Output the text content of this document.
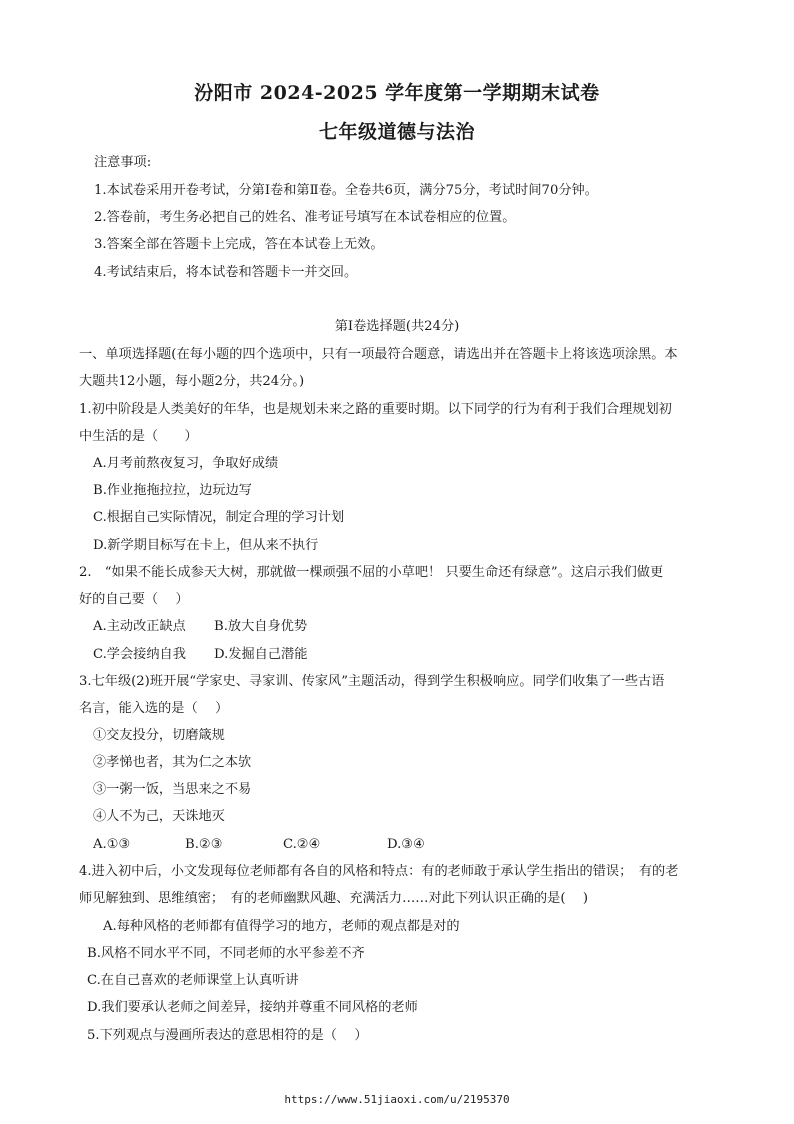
汾阳市 2024-2025 学年度第一学期期末试卷
七年级道德与法治
注意事项:
1.本试卷采用开卷考试，分第Ⅰ卷和第Ⅱ卷。全卷共6页，满分75分，考试时间70分钟。
2.答卷前，考生务必把自己的姓名、准考证号填写在本试卷相应的位置。
3.答案全部在答题卡上完成，答在本试卷上无效。
4.考试结束后，将本试卷和答题卡一并交回。
第Ⅰ卷选择题(共24分)
一、单项选择题(在每小题的四个选项中，只有一项最符合题意，请选出并在答题卡上将该选项涂黑。本
大题共12小题，每小题2分，共24分。)
1.初中阶段是人类美好的年华，也是规划未来之路的重要时期。以下同学的行为有利于我们合理规划初
中生活的是（　　）
A.月考前熬夜复习，争取好成绩
B.作业拖拖拉拉，边玩边写
C.根据自己实际情况，制定合理的学习计划
D.新学期目标写在卡上，但从来不执行
2.　“如果不能长成参天大树，那就做一棵顽强不屈的小草吧！ 只要生命还有绿意”。这启示我们做更
好的自己要（　 ）
A.主动改正缺点 B.放大自身优势
C.学会接纳自我 D.发掘自己潜能
3.七年级(2)班开展“学家史、寻家训、传家风”主题活动，得到学生积极响应。同学们收集了一些古语
名言，能入选的是（　 ）
①交友投分，切磨箴规
②孝悌也者，其为仁之本欤
③一粥一饭，当思来之不易
④人不为己，天诛地灭
A.①③	B.②③	C.②④	D.③④
4.进入初中后，小文发现每位老师都有各自的风格和特点：有的老师敢于承认学生指出的错误；　有的老
师见解独到、思维缜密；　有的老师幽默风趣、充满活力……对此下列认识正确的是(　 )
A.每种风格的老师都有值得学习的地方，老师的观点都是对的
B.风格不同水平不同，不同老师的水平参差不齐
C.在自己喜欢的老师课堂上认真听讲
D.我们要承认老师之间差异，接纳并尊重不同风格的老师
5.下列观点与漫画所表达的意思相符的是（　 ）
https://www.51jiaoxi.com/u/2195370
